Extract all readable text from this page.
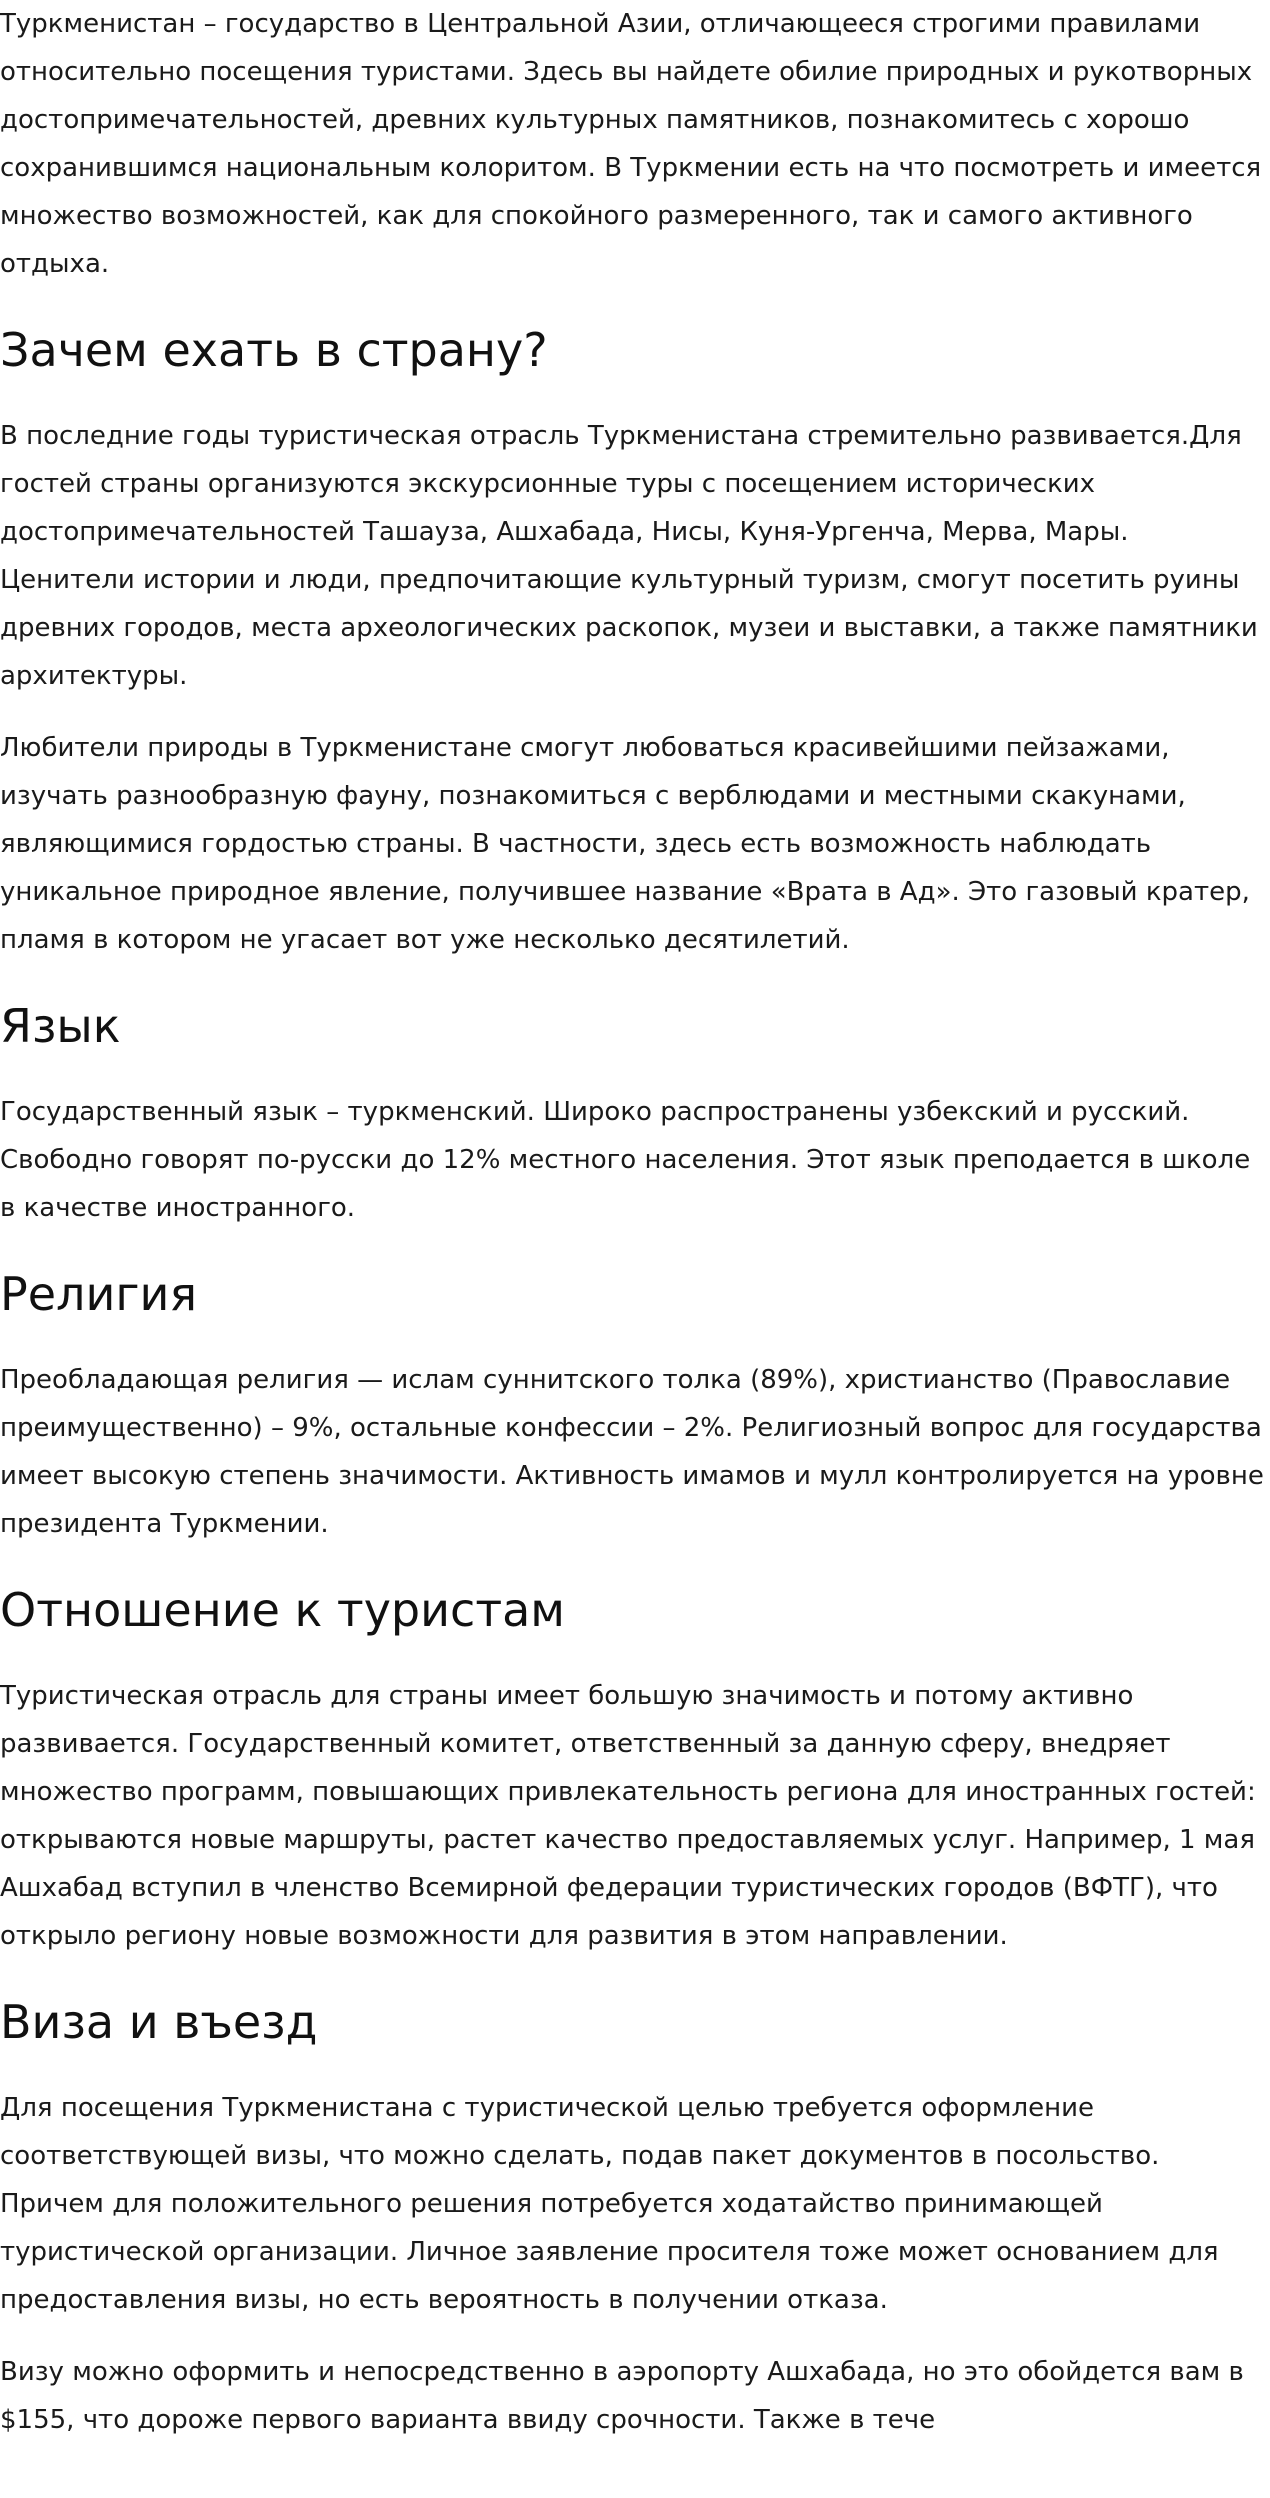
Туркменистан – государство в Центральной Азии, отличающееся строгими правилами относительно посещения туристами. Здесь вы найдете обилие природных и рукотворных достопримечательностей, древних культурных памятников, познакомитесь с хорошо сохранившимся национальным колоритом. В Туркмении есть на что посмотреть и имеется множество возможностей, как для спокойного размеренного, так и самого активного отдыха.

Зачем ехать в страну?

В последние годы туристическая отрасль Туркменистана стремительно развивается.Для гостей страны организуются экскурсионные туры с посещением исторических достопримечательностей Ташауза, Ашхабада, Нисы, Куня-Ургенча, Мерва, Мары. Ценители истории и люди, предпочитающие культурный туризм, смогут посетить руины древних городов, места археологических раскопок, музеи и выставки, а также памятники архитектуры.

Любители природы в Туркменистане смогут любоваться красивейшими пейзажами, изучать разнообразную фауну, познакомиться с верблюдами и местными скакунами, являющимися гордостью страны. В частности, здесь есть возможность наблюдать уникальное природное явление, получившее название «Врата в Ад». Это газовый кратер, пламя в котором не угасает вот уже несколько десятилетий.

Язык

Государственный язык – туркменский. Широко распространены узбекский и русский. Свободно говорят по-русски до 12% местного населения. Этот язык преподается в школе в качестве иностранного.

Религия

Преобладающая религия — ислам суннитского толка (89%), христианство (Православие преимущественно) – 9%, остальные конфессии – 2%. Религиозный вопрос для государства имеет высокую степень значимости. Активность имамов и мулл контролируется на уровне президента Туркмении.

Отношение к туристам

Туристическая отрасль для страны имеет большую значимость и потому активно развивается. Государственный комитет, ответственный за данную сферу, внедряет множество программ, повышающих привлекательность региона для иностранных гостей: открываются новые маршруты, растет качество предоставляемых услуг. Например, 1 мая Ашхабад вступил в членство Всемирной федерации туристических городов (ВФТГ), что открыло региону новые возможности для развития в этом направлении.

Виза и въезд

Для посещения Туркменистана с туристической целью требуется оформление соответствующей визы, что можно сделать, подав пакет документов в посольство. Причем для положительного решения потребуется ходатайство принимающей туристической организации. Личное заявление просителя тоже может основанием для предоставления визы, но есть вероятность в получении отказа.

Визу можно оформить и непосредственно в аэропорту Ашхабада, но это обойдется вам в $155, что дороже первого варианта ввиду срочности. Также в тече
